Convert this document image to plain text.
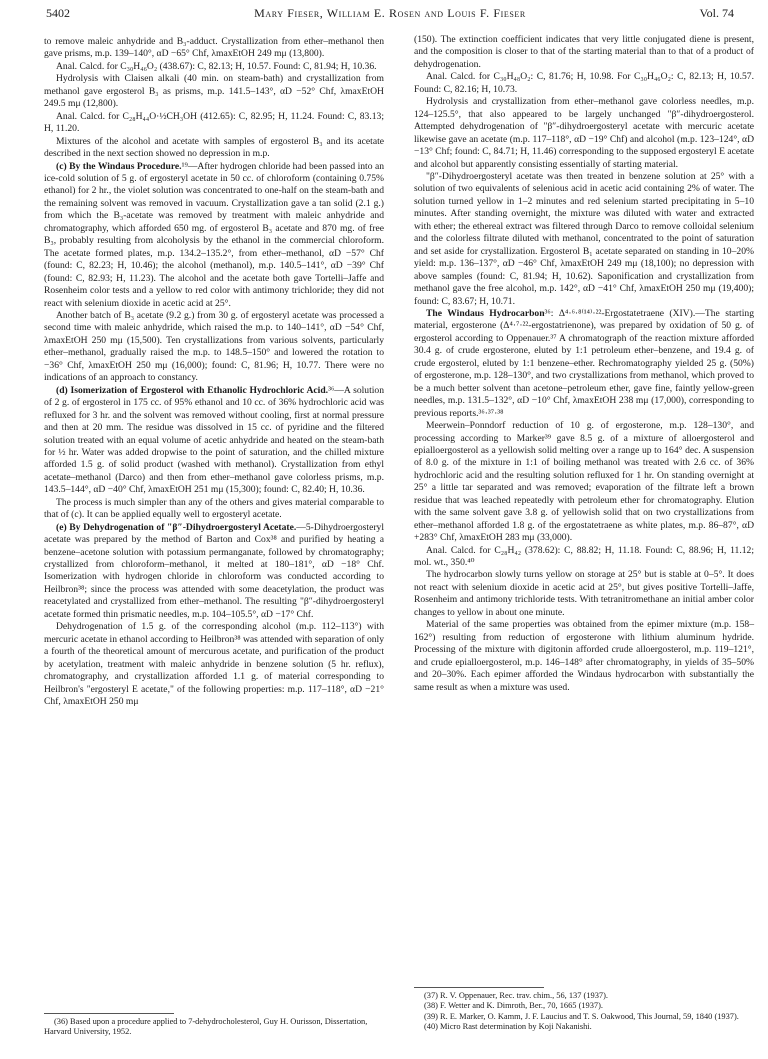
5402	Mary Fieser, William E. Rosen and Louis F. Fieser	Vol. 74

to remove maleic anhydride and B₃-adduct. Crystallization from ether–methanol then gave prisms, m.p. 139–140°, αD −65° Chf, λmaxEtOH 249 mμ (13,800).

Anal. Calcd. for C₃₀H₄₆O₂ (438.67): C, 82.13; H, 10.57. Found: C, 81.94; H, 10.36.

Hydrolysis with Claisen alkali (40 min. on steam-bath) and crystallization from methanol gave ergosterol B₃ as prisms, m.p. 141.5–143°, αD −52° Chf, λmaxEtOH 249.5 mμ (12,800).

Anal. Calcd. for C₂₈H₄₄O·½CH₃OH (412.65): C, 82.95; H, 11.24. Found: C, 83.13; H, 11.20.

Mixtures of the alcohol and acetate with samples of ergosterol B₃ and its acetate described in the next section showed no depression in m.p.

(c) By the Windaus Procedure.¹⁹—After hydrogen chloride had been passed into an ice-cold solution of 5 g. of ergosteryl acetate in 50 cc. of chloroform (containing 0.75% ethanol) for 2 hr., the violet solution was concentrated to one-half on the steam-bath and the remaining solvent was removed in vacuum. Crystallization gave a tan solid (2.1 g.) from which the B₃-acetate was removed by treatment with maleic anhydride and chromatography, which afforded 650 mg. of ergosterol B₃ acetate and 870 mg. of free B₃, probably resulting from alcoholysis by the ethanol in the commercial chloroform. The acetate formed plates, m.p. 134.2–135.2°, from ether–methanol, αD −57° Chf (found: C, 82.23; H, 10.46); the alcohol (methanol), m.p. 140.5–141°, αD −39° Chf (found: C, 82.93; H, 11.23). The alcohol and the acetate both gave Tortelli–Jaffe and Rosenheim color tests and a yellow to red color with antimony trichloride; they did not react with selenium dioxide in acetic acid at 25°.

Another batch of B₃ acetate (9.2 g.) from 30 g. of ergosteryl acetate was processed a second time with maleic anhydride, which raised the m.p. to 140–141°, αD −54° Chf, λmaxEtOH 250 mμ (15,500). Ten crystallizations from various solvents, particularly ether–methanol, gradually raised the m.p. to 148.5–150° and lowered the rotation to −36° Chf, λmaxEtOH 250 mμ (16,000); found: C, 81.96; H, 10.77. There were no indications of an approach to constancy.

(d) Isomerization of Ergosterol with Ethanolic Hydrochloric Acid.³⁶—A solution of 2 g. of ergosterol in 175 cc. of 95% ethanol and 10 cc. of 36% hydrochloric acid was refluxed for 3 hr. and the solvent was removed without cooling, first at normal pressure and then at 20 mm. The residue was dissolved in 15 cc. of pyridine and the filtered solution treated with an equal volume of acetic anhydride and heated on the steam-bath for ½ hr. Water was added dropwise to the point of saturation, and the chilled mixture afforded 1.5 g. of solid product (washed with methanol). Crystallization from ethyl acetate–methanol (Darco) and then from ether–methanol gave colorless prisms, m.p. 143.5–144°, αD −40° Chf, λmaxEtOH 251 mμ (15,300); found: C, 82.40; H, 10.36.

The process is much simpler than any of the others and gives material comparable to that of (c). It can be applied equally well to ergosteryl acetate.

(e) By Dehydrogenation of "β″-Dihydroergosteryl Acetate.—5-Dihydroergosteryl acetate was prepared by the method of Barton and Cox³⁸ and purified by heating a benzene–acetone solution with potassium permanganate, followed by chromatography; crystallized from chloroform–methanol, it melted at 180–181°, αD −18° Chf. Isomerization with hydrogen chloride in chloroform was conducted according to Heilbron³⁸; since the process was attended with some deacetylation, the product was reacetylated and crystallized from ether–methanol. The resulting "β″-dihydroergosteryl acetate formed thin prismatic needles, m.p. 104–105.5°, αD −17° Chf.

Dehydrogenation of 1.5 g. of the corresponding alcohol (m.p. 112–113°) with mercuric acetate in ethanol according to Heilbron³⁸ was attended with separation of only a fourth of the theoretical amount of mercurous acetate, and purification of the product by acetylation, treatment with maleic anhydride in benzene solution (5 hr. reflux), chromatography, and crystallization afforded 1.1 g. of material corresponding to Heilbron's "ergosteryl E acetate," of the following properties: m.p. 117–118°, αD −21° Chf, λmaxEtOH 250 mμ

(150). The extinction coefficient indicates that very little conjugated diene is present, and the composition is closer to that of the starting material than to that of a product of dehydrogenation.

Anal. Calcd. for C₃₀H₄₈O₂: C, 81.76; H, 10.98. For C₃₀H₄₆O₂: C, 82.13; H, 10.57. Found: C, 82.16; H, 10.73.

Hydrolysis and crystallization from ether–methanol gave colorless needles, m.p. 124–125.5°, that also appeared to be largely unchanged "β″-dihydroergosterol. Attempted dehydrogenation of "β″-dihydroergosteryl acetate with mercuric acetate likewise gave an acetate (m.p. 117–118°, αD −19° Chf) and alcohol (m.p. 123–124°, αD −13° Chf; found: C, 84.71; H, 11.46) corresponding to the supposed ergosteryl E acetate and alcohol but apparently consisting essentially of starting material.

"β″-Dihydroergosteryl acetate was then treated in benzene solution at 25° with a solution of two equivalents of selenious acid in acetic acid containing 2% of water. The solution turned yellow in 1–2 minutes and red selenium started precipitating in 5–10 minutes. After standing overnight, the mixture was diluted with water and extracted with ether; the ethereal extract was filtered through Darco to remove colloidal selenium and the colorless filtrate diluted with methanol, concentrated to the point of saturation and set aside for crystallization. Ergosterol B₁ acetate separated on standing in 10–20% yield: m.p. 136–137°, αD −46° Chf, λmaxEtOH 249 mμ (18,100); no depression with above samples (found: C, 81.94; H, 10.62). Saponification and crystallization from methanol gave the free alcohol, m.p. 142°, αD −41° Chf, λmaxEtOH 250 mμ (19,400); found: C, 83.67; H, 10.71.

The Windaus Hydrocarbon³⁶: Δ⁴·⁶·⁸⁽¹⁴⁾·²²-Ergostatetraene (XIV).—The starting material, ergosterone (Δ⁴·⁷·²²-ergostatrienone), was prepared by oxidation of 50 g. of ergosterol according to Oppenauer.³⁷ A chromatograph of the reaction mixture afforded 30.4 g. of crude ergosterone, eluted by 1:1 petroleum ether–benzene, and 19.4 g. of crude ergosterol, eluted by 1:1 benzene–ether. Rechromatography yielded 25 g. (50%) of ergosterone, m.p. 128–130°, and two crystallizations from methanol, which proved to be a much better solvent than acetone–petroleum ether, gave fine, faintly yellow-green needles, m.p. 131.5–132°, αD −10° Chf, λmaxEtOH 238 mμ (17,000), corresponding to previous reports.³⁶·³⁷·³⁸

Meerwein–Ponndorf reduction of 10 g. of ergosterone, m.p. 128–130°, and processing according to Marker³⁹ gave 8.5 g. of a mixture of alloergosterol and epialloergosterol as a yellowish solid melting over a range up to 164° dec. A suspension of 8.0 g. of the mixture in 1:1 of boiling methanol was treated with 2.6 cc. of 36% hydrochloric acid and the resulting solution refluxed for 1 hr. On standing overnight at 25° a little tar separated and was removed; evaporation of the filtrate left a brown residue that was leached repeatedly with petroleum ether for chromatography. Elution with the same solvent gave 3.8 g. of yellowish solid that on two crystallizations from ether–methanol afforded 1.8 g. of the ergostatetraene as white plates, m.p. 86–87°, αD +283° Chf, λmaxEtOH 283 mμ (33,000).

Anal. Calcd. for C₂₈H₄₂ (378.62): C, 88.82; H, 11.18. Found: C, 88.96; H, 11.12; mol. wt., 350.⁴⁰

The hydrocarbon slowly turns yellow on storage at 25° but is stable at 0–5°. It does not react with selenium dioxide in acetic acid at 25°, but gives positive Tortelli–Jaffe, Rosenheim and antimony trichloride tests. With tetranitromethane an initial amber color changes to yellow in about one minute.

Material of the same properties was obtained from the epimer mixture (m.p. 158–162°) resulting from reduction of ergosterone with lithium aluminum hydride. Processing of the mixture with digitonin afforded crude alloergosterol, m.p. 119–121°, and crude epialloergosterol, m.p. 146–148° after chromatography, in yields of 35–50% and 20–30%. Each epimer afforded the Windaus hydrocarbon with substantially the same result as when a mixture was used.

(36) Based upon a procedure applied to 7-dehydrocholesterol, Guy H. Ourisson, Dissertation, Harvard University, 1952.

(37) R. V. Oppenauer, Rec. trav. chim., 56, 137 (1937).

(38) F. Wetter and K. Dimroth, Ber., 70, 1665 (1937).

(39) R. E. Marker, O. Kamm, J. F. Laucius and T. S. Oakwood, This Journal, 59, 1840 (1937).

(40) Micro Rast determination by Koji Nakanishi.
